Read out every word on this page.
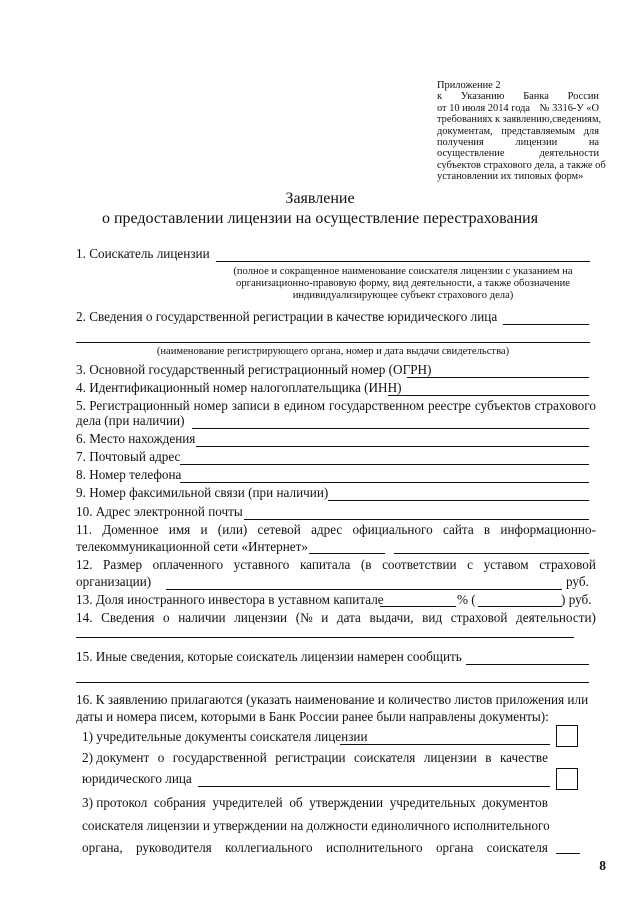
Приложение 2
к Указанию Банка России
от 10 июля 2014 года № 3316-У «О
требованиях к заявлению, сведениям,
документам, представляемым для
получения	лицензии	на
осуществление	деятельности
субъектов страхового дела, а также об
установлении их типовых форм»
Заявление
о предоставлении лицензии на осуществление перестрахования
1. Соискатель лицензии
(полное и сокращенное наименование соискателя лицензии с указанием на
организационно-правовую форму, вид деятельности, а также обозначение
индивидуализирующее субъект страхового дела)
2. Сведения о государственной регистрации в качестве юридического лица
(наименование регистрирующего органа, номер и дата выдачи свидетельства)
3. Основной государственный регистрационный номер (ОГРН)
4. Идентификационный номер налогоплательщика (ИНН)
5. Регистрационный номер записи в едином государственном реестре субъектов страхового
дела (при наличии)
6. Место нахождения
7. Почтовый адрес
8. Номер телефона
9. Номер факсимильной связи (при наличии)
10. Адрес электронной почты
11. Доменное имя и (или) сетевой адрес официального сайта в информационно-
телекоммуникационной сети «Интернет»
12. Размер оплаченного уставного капитала (в соответствии с уставом страховой
организации)	руб.
13. Доля иностранного инвестора в уставном капитале	% (	) руб.
14. Сведения о наличии лицензии (№ и дата выдачи, вид страховой деятельности)
15. Иные сведения, которые соискатель лицензии намерен сообщить
16. К заявлению прилагаются (указать наименование и количество листов приложения или
даты и номера писем, которыми в Банк России ранее были направлены документы):
1) учредительные документы соискателя лицензии
2) документ о государственной регистрации соискателя лицензии в качестве
юридического лица
3) протокол собрания учредителей об утверждении учредительных документов
соискателя лицензии и утверждении на должности единоличного исполнительного
органа, руководителя коллегиального исполнительного органа соискателя
8
